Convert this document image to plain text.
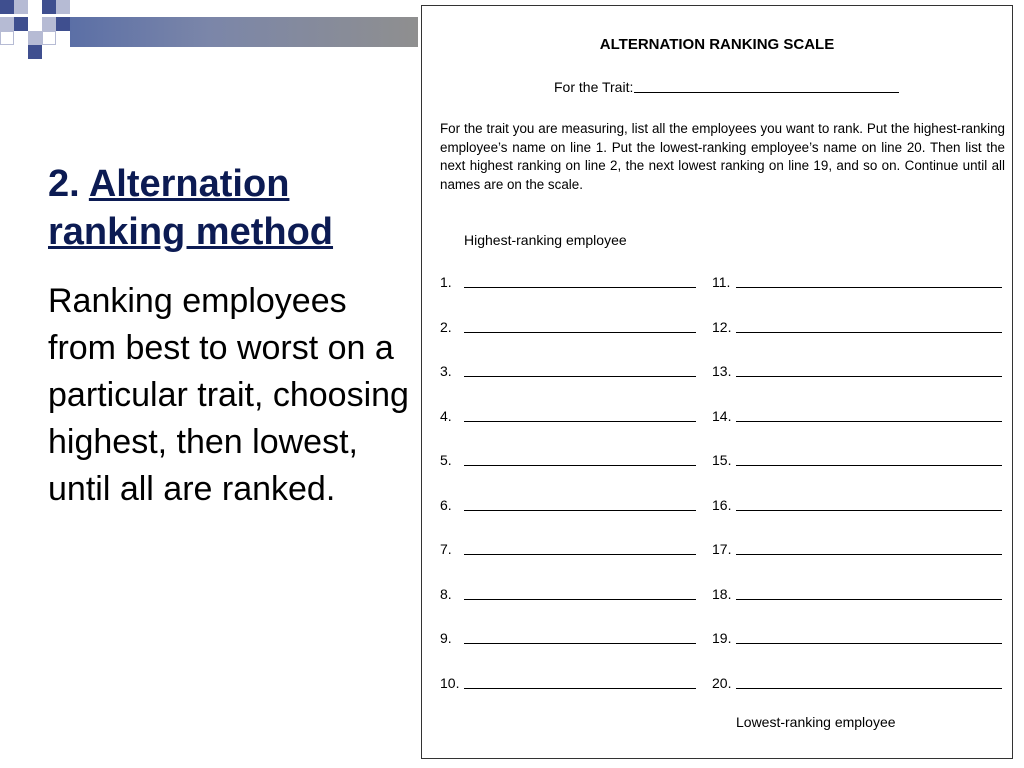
2. Alternation ranking method
Ranking employees from best to worst on a particular trait, choosing highest, then lowest, until all are ranked.
ALTERNATION RANKING SCALE
For the Trait:
For the trait you are measuring, list all the employees you want to rank. Put the highest-ranking employee’s name on line 1. Put the lowest-ranking employee’s name on line 20. Then list the next highest ranking on line 2, the next lowest ranking on line 19, and so on. Continue until all names are on the scale.
Highest-ranking employee
1.
2.
3.
4.
5.
6.
7.
8.
9.
10.
11.
12.
13.
14.
15.
16.
17.
18.
19.
20.
Lowest-ranking employee
